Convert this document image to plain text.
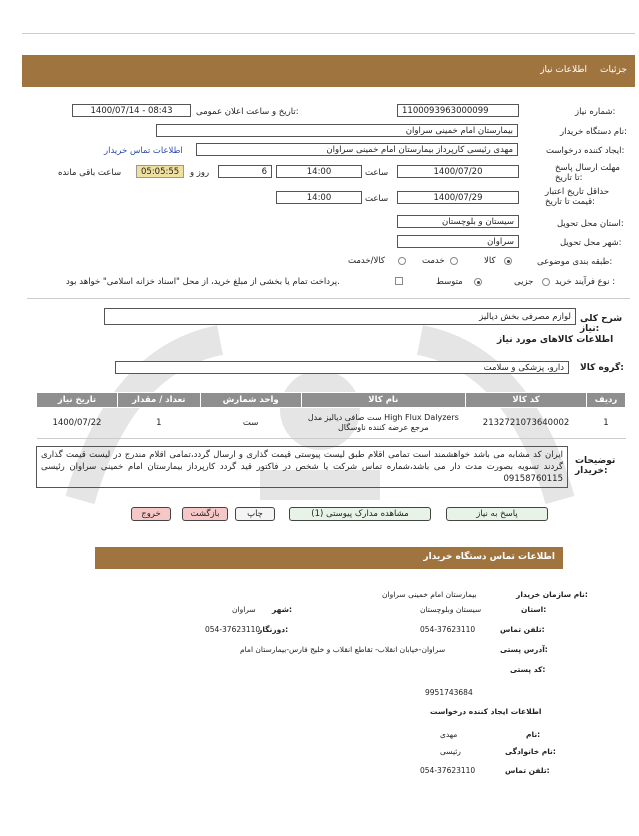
جزئیات
اطلاعات نیاز
شماره نیاز:
1100093963000099
تاریخ و ساعت اعلان عمومی:
1400/07/14 - 08:43
نام دستگاه خریدار:
بیمارستان امام خمینی سراوان
ایجاد کننده درخواست:
مهدی رئیسی کارپرداز بیمارستان امام خمینی سراوان
اطلاعات تماس خریدار
مهلت ارسال پاسخ تا تاریخ:
1400/07/20
ساعت
14:00
6
روز و
05:05:55
ساعت باقی مانده
حداقل تاریخ اعتبار قیمت تا تاریخ:
1400/07/29
ساعت
14:00
استان محل تحویل:
سیستان و بلوچستان
شهر محل تحویل:
سراوان
طبقه بندی موضوعی:
کالا
خدمت
کالا/خدمت
نوع فرآیند خرید :
جزیی
متوسط
پرداخت تمام یا بخشی از مبلغ خرید، از محل "اسناد خزانه اسلامی" خواهد بود.
شرح کلی نیاز:
لوازم مصرفی بخش دیالیز
اطلاعات کالاهای مورد نیاز
گروه کالا:
دارو، پزشکی و سلامت
تاریخ نیاز	تعداد / مقدار	واحد شمارش	نام کالا	کد کالا	ردیف
1400/07/22	1	ست	ست صافی دیالیز مدل High Flux Dalyzers مرجع عرضه کننده ناوسگال	2132721073640002	1
توضیحات خریدار:
ایران کد مشابه می باشد خواهشمند است تمامی اقلام طبق لیست پیوستی قیمت گذاری و ارسال گردد،تمامی اقلام مندرج در لیست قیمت گذاری گردند تسویه بصورت مدت دار می باشد،شماره تماس شرکت یا شخص در فاکتور قید گردد کارپرداز بیمارستان امام خمینی سراوان رئیسی 09158760115
پاسخ به نیاز
مشاهده مدارک پیوستی (1)
چاپ
بازگشت
خروج
اطلاعات تماس دستگاه خریدار
نام سازمان خریدار:
بیمارستان امام خمینی سراوان
استان:
سیستان وبلوچستان
شهر:
سراوان
تلفن تماس:
054-37623110
دورنگار:
054-37623110
آدرس پستی:
سراوان-خیابان انقلاب- تقاطع انقلاب و خلیج فارس-بیمارستان امام
کد پستی:
9951743684
اطلاعات ایجاد کننده درخواست
نام:
مهدی
نام خانوادگی:
رئیسی
تلفن تماس:
054-37623110
